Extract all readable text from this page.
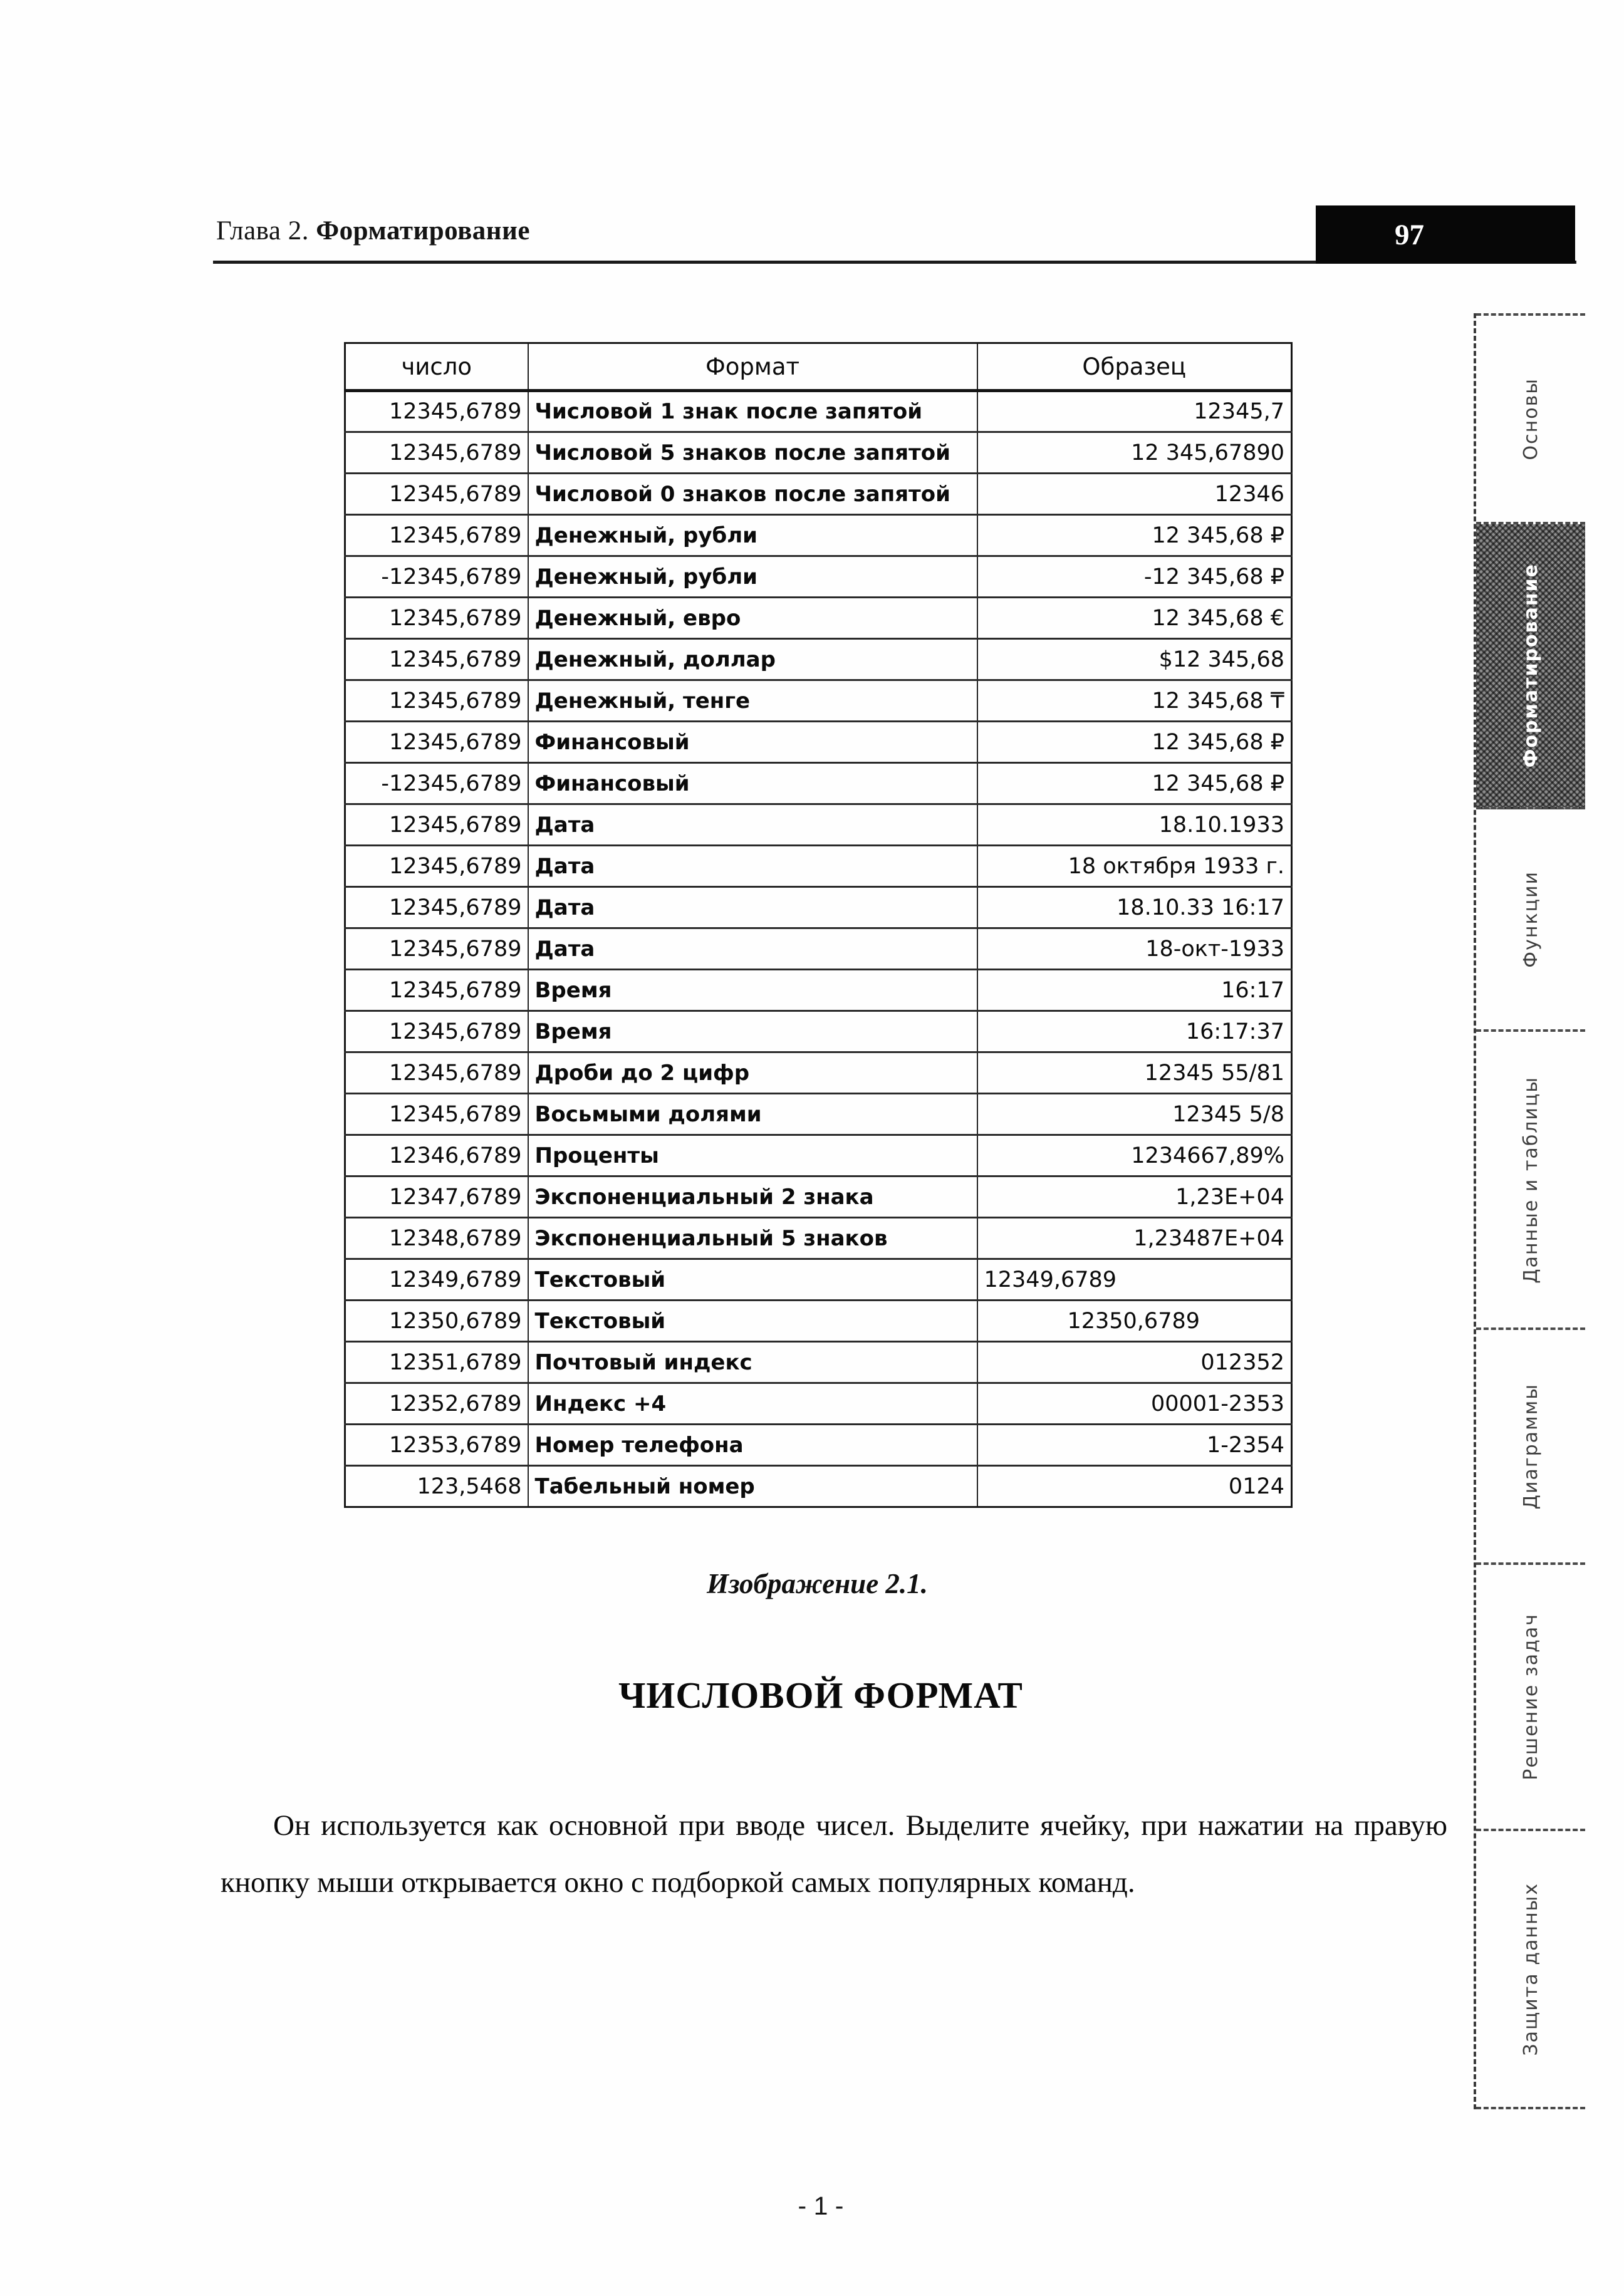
Глава 2. Форматирование	97
число	Формат	Образец
12345,6789	Числовой 1 знак после запятой	12345,7
12345,6789	Числовой 5 знаков после запятой	12 345,67890
12345,6789	Числовой 0 знаков после запятой	12346
12345,6789	Денежный, рубли	12 345,68 ₽
-12345,6789	Денежный, рубли	-12 345,68 ₽
12345,6789	Денежный, евро	12 345,68 €
12345,6789	Денежный, доллар	$12 345,68
12345,6789	Денежный, тенге	12 345,68 ₸
12345,6789	Финансовый	12 345,68 ₽
-12345,6789	Финансовый	12 345,68 ₽
12345,6789	Дата	18.10.1933
12345,6789	Дата	18 октября 1933 г.
12345,6789	Дата	18.10.33 16:17
12345,6789	Дата	18-окт-1933
12345,6789	Время	16:17
12345,6789	Время	16:17:37
12345,6789	Дроби до 2 цифр	12345 55/81
12345,6789	Восьмыми долями	12345 5/8
12346,6789	Проценты	1234667,89%
12347,6789	Экспоненциальный 2 знака	1,23E+04
12348,6789	Экспоненциальный 5 знаков	1,23487E+04
12349,6789	Текстовый	12349,6789
12350,6789	Текстовый	12350,6789
12351,6789	Почтовый индекс	012352
12352,6789	Индекс +4	00001-2353
12353,6789	Номер телефона	1-2354
123,5468	Табельный номер	0124
Изображение 2.1.
ЧИСЛОВОЙ ФОРМАТ

Он используется как основной при вводе чисел. Выделите ячейку, при нажатии на правую кнопку мыши открывается окно с подборкой самых популярных команд.

Основы
Форматирование
Функции
Данные и таблицы
Диаграммы
Решение задач
Защита данных
- 1 -
